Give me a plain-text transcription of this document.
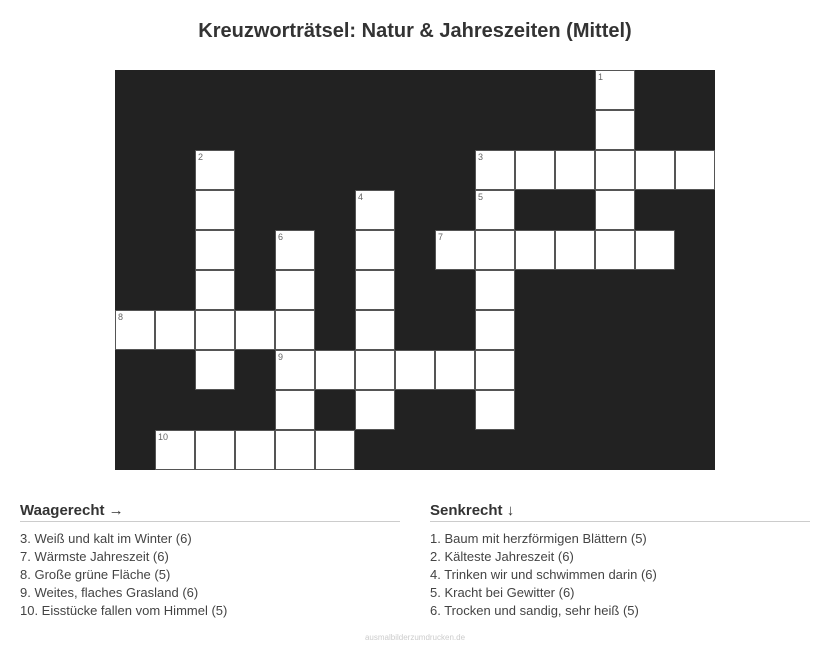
Kreuzworträtsel: Natur & Jahreszeiten (Mittel)
1
2	3
4	5
6	7
8
9
10
Waagerecht →
3. Weiß und kalt im Winter (6)
7. Wärmste Jahreszeit (6)
8. Große grüne Fläche (5)
9. Weites, flaches Grasland (6)
10. Eisstücke fallen vom Himmel (5)
Senkrecht ↓
1. Baum mit herzförmigen Blättern (5)
2. Kälteste Jahreszeit (6)
4. Trinken wir und schwimmen darin (6)
5. Kracht bei Gewitter (6)
6. Trocken und sandig, sehr heiß (5)
ausmalbilderzumdrucken.de
